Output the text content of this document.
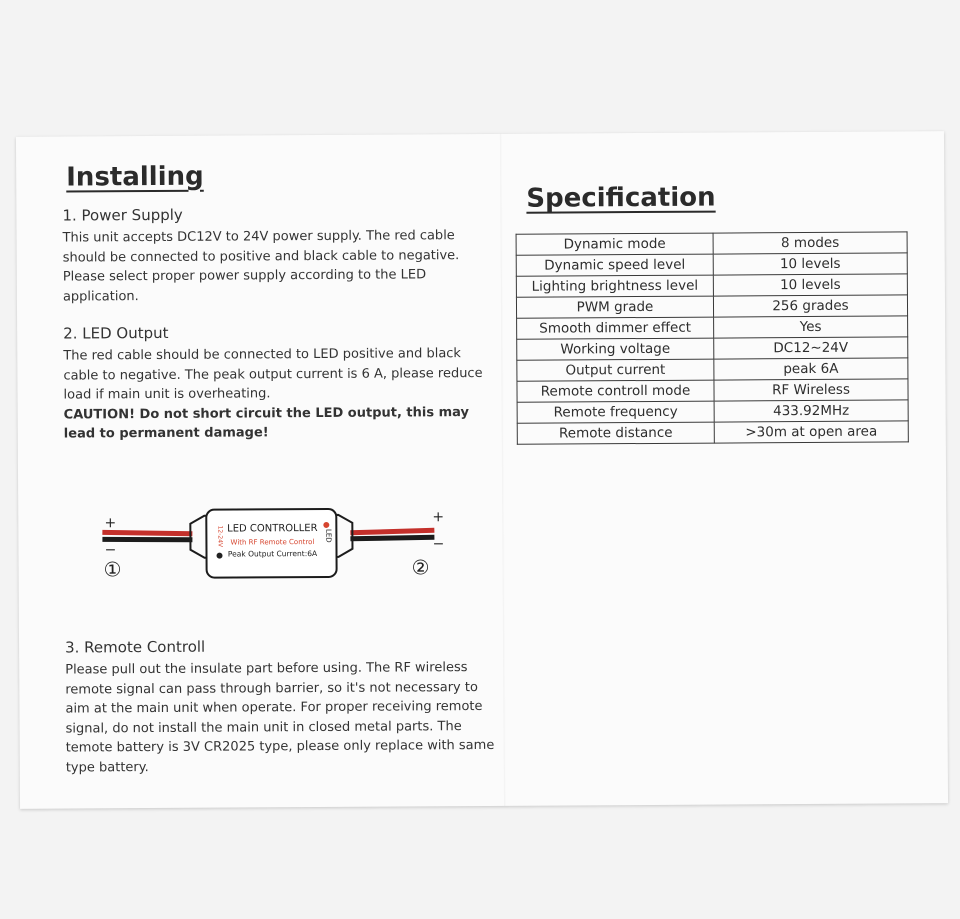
Installing
1. Power Supply

This unit accepts DC12V to 24V power supply. The red cable should be connected to positive and black cable to negative. Please select proper power supply according to the LED application.

2. LED Output

The red cable should be connected to LED positive and black cable to negative. The peak output current is 6 A, please reduce load if main unit is overheating.

CAUTION! Do not short circuit the LED output, this may lead to permanent damage!

LED CONTROLLER
With RF Remote Control
Peak Output Current:6A
12-24V	LED
+
−
①
+
−
②
3. Remote Controll

Please pull out the insulate part before using. The RF wireless remote signal can pass through barrier, so it's not necessary to aim at the main unit when operate. For proper receiving remote signal, do not install the main unit in closed metal parts. The temote battery is 3V CR2025 type, please only replace with same type battery.

Specification
Dynamic mode	8 modes
Dynamic speed level	10 levels
Lighting brightness level	10 levels
PWM grade	256 grades
Smooth dimmer effect	Yes
Working voltage	DC12~24V
Output current	peak 6A
Remote controll mode	RF Wireless
Remote frequency	433.92MHz
Remote distance	>30m at open area
